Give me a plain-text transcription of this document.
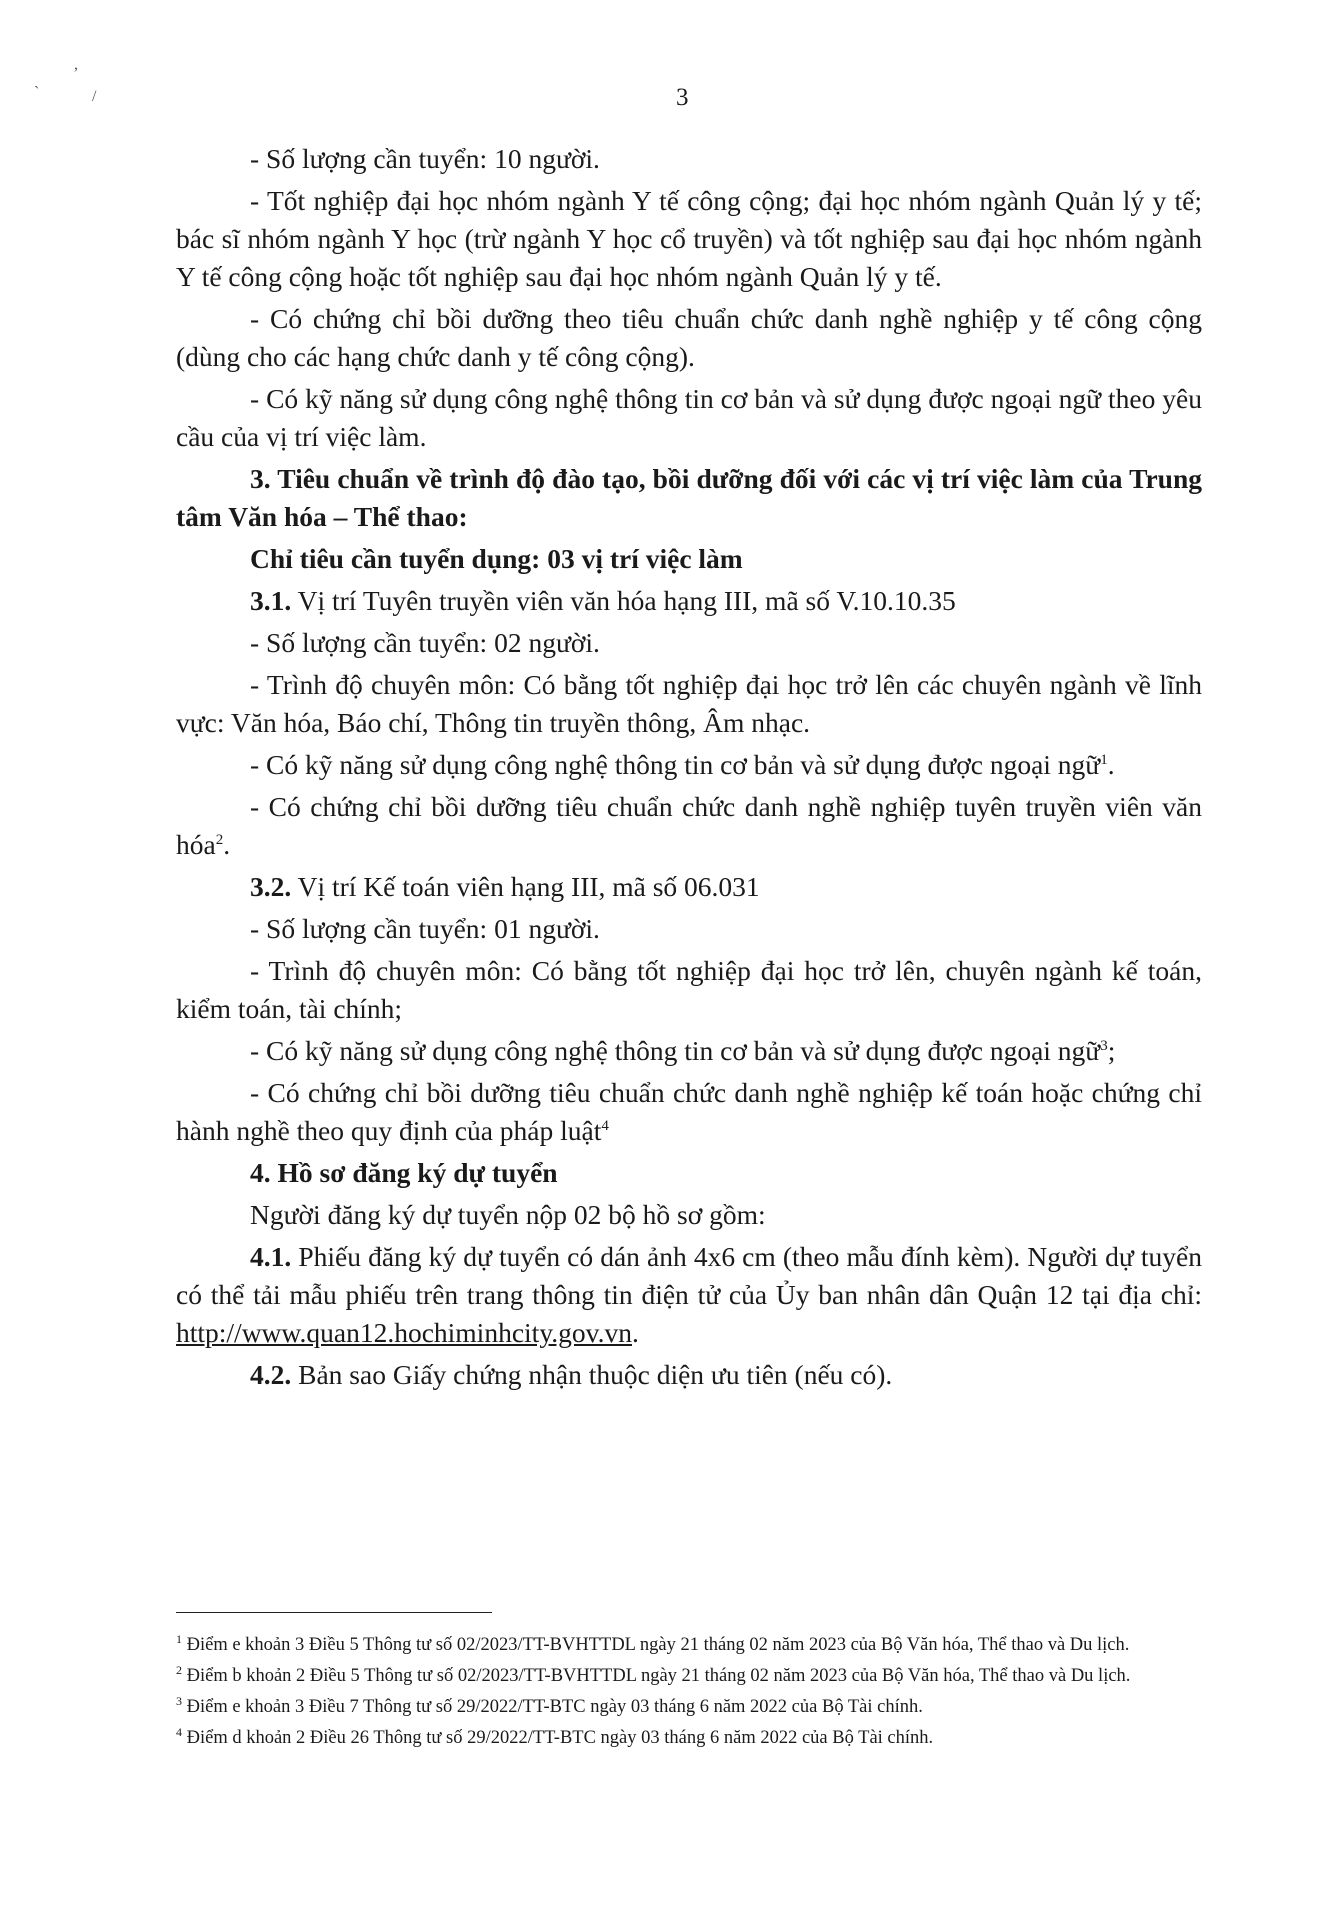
,
`	/	3

- Số lượng cần tuyển: 10 người.

- Tốt nghiệp đại học nhóm ngành Y tế công cộng; đại học nhóm ngành Quản lý y tế; bác sĩ nhóm ngành Y học (trừ ngành Y học cổ truyền) và tốt nghiệp sau đại học nhóm ngành Y tế công cộng hoặc tốt nghiệp sau đại học nhóm ngành Quản lý y tế.

- Có chứng chỉ bồi dưỡng theo tiêu chuẩn chức danh nghề nghiệp y tế công cộng (dùng cho các hạng chức danh y tế công cộng).

- Có kỹ năng sử dụng công nghệ thông tin cơ bản và sử dụng được ngoại ngữ theo yêu cầu của vị trí việc làm.

3. Tiêu chuẩn về trình độ đào tạo, bồi dưỡng đối với các vị trí việc làm của Trung tâm Văn hóa – Thể thao:

Chỉ tiêu cần tuyển dụng: 03 vị trí việc làm

3.1. Vị trí Tuyên truyền viên văn hóa hạng III, mã số V.10.10.35

- Số lượng cần tuyển: 02 người.

- Trình độ chuyên môn: Có bằng tốt nghiệp đại học trở lên các chuyên ngành về lĩnh vực: Văn hóa, Báo chí, Thông tin truyền thông, Âm nhạc.

- Có kỹ năng sử dụng công nghệ thông tin cơ bản và sử dụng được ngoại ngữ$^1$.

- Có chứng chỉ bồi dưỡng tiêu chuẩn chức danh nghề nghiệp tuyên truyền viên văn hóa$^2$.

3.2. Vị trí Kế toán viên hạng III, mã số 06.031

- Số lượng cần tuyển: 01 người.

- Trình độ chuyên môn: Có bằng tốt nghiệp đại học trở lên, chuyên ngành kế toán, kiểm toán, tài chính;

- Có kỹ năng sử dụng công nghệ thông tin cơ bản và sử dụng được ngoại ngữ$^3$;

- Có chứng chỉ bồi dưỡng tiêu chuẩn chức danh nghề nghiệp kế toán hoặc chứng chỉ hành nghề theo quy định của pháp luật$^4$

4. Hồ sơ đăng ký dự tuyển

Người đăng ký dự tuyển nộp 02 bộ hồ sơ gồm:

4.1. Phiếu đăng ký dự tuyển có dán ảnh 4x6 cm (theo mẫu đính kèm). Người dự tuyển có thể tải mẫu phiếu trên trang thông tin điện tử của Ủy ban nhân dân Quận 12 tại địa chỉ: http://www.quan12.hochiminhcity.gov.vn.

4.2. Bản sao Giấy chứng nhận thuộc diện ưu tiên (nếu có).

$^1$ Điểm e khoản 3 Điều 5 Thông tư số 02/2023/TT-BVHTTDL ngày 21 tháng 02 năm 2023 của Bộ Văn hóa, Thể thao và Du lịch.

$^2$ Điểm b khoản 2 Điều 5 Thông tư số 02/2023/TT-BVHTTDL ngày 21 tháng 02 năm 2023 của Bộ Văn hóa, Thể thao và Du lịch.

$^3$ Điểm e khoản 3 Điều 7 Thông tư số 29/2022/TT-BTC ngày 03 tháng 6 năm 2022 của Bộ Tài chính.

$^4$ Điểm d khoản 2 Điều 26 Thông tư số 29/2022/TT-BTC ngày 03 tháng 6 năm 2022 của Bộ Tài chính.
